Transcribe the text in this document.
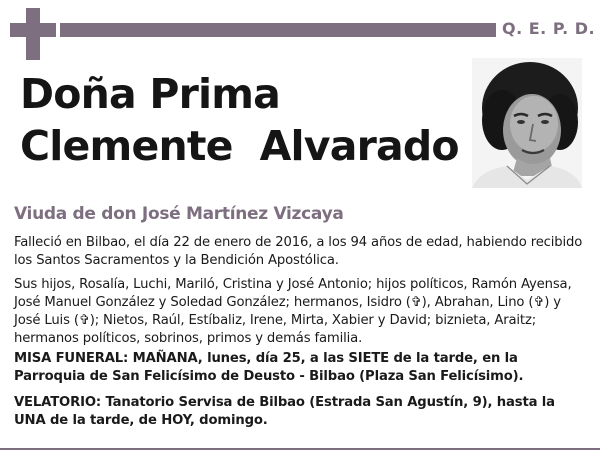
Q. E. P. D.
Doña Prima
Clemente  Alvarado
Viuda de don José Martínez Vizcaya
Falleció en Bilbao, el día 22 de enero de 2016, a los 94 años de edad, habiendo recibido los Santos Sacramentos y la Bendición Apostólica.
Sus hijos, Rosalía, Luchi, Mariló, Cristina y José Antonio; hijos políticos, Ramón Ayensa, José Manuel González y Soledad González; hermanos, Isidro (✞), Abrahan, Lino (✞) y José Luis (✞); Nietos, Raúl, Estíbaliz, Irene, Mirta, Xabier y David; biznieta, Araitz; hermanos políticos, sobrinos, primos y demás familia.
MISA FUNERAL: MAÑANA, lunes, día 25, a las SIETE de la tarde, en la Parroquia de San Felicísimo de Deusto - Bilbao (Plaza San Felicísimo).
VELATORIO: Tanatorio Servisa de Bilbao (Estrada San Agustín, 9), hasta la UNA de la tarde, de HOY, domingo.
